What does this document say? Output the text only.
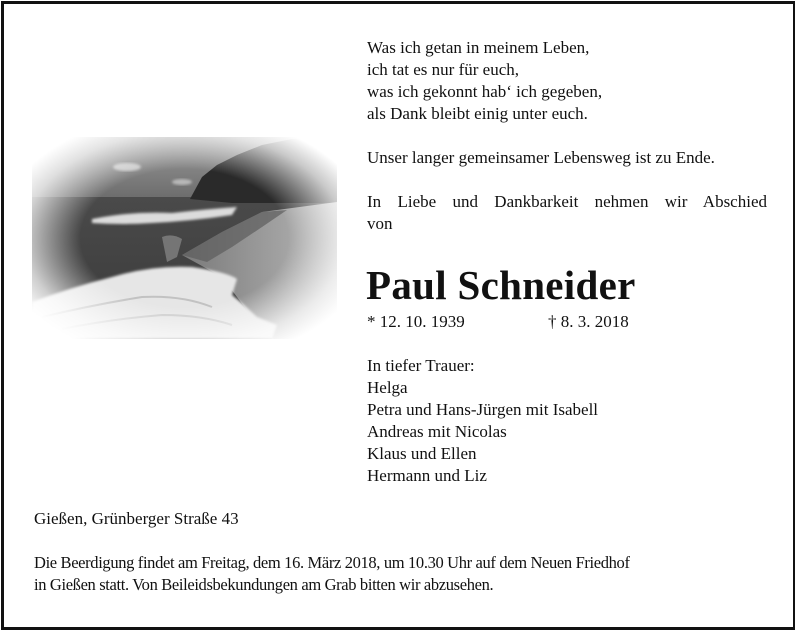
Was ich getan in meinem Leben,
ich tat es nur für euch,
was ich gekonnt hab‘ ich gegeben,
als Dank bleibt einig unter euch.
Unser langer gemeinsamer Lebensweg ist zu Ende.
In Liebe und Dankbarkeit nehmen wir Abschied
von
Paul Schneider
* 12. 10. 1939	† 8. 3. 2018
In tiefer Trauer:
Helga
Petra und Hans-Jürgen mit Isabell
Andreas mit Nicolas
Klaus und Ellen
Hermann und Liz
Gießen, Grünberger Straße 43
Die Beerdigung findet am Freitag, dem 16. März 2018, um 10.30 Uhr auf dem Neuen Friedhof
in Gießen statt. Von Beileidsbekundungen am Grab bitten wir abzusehen.
